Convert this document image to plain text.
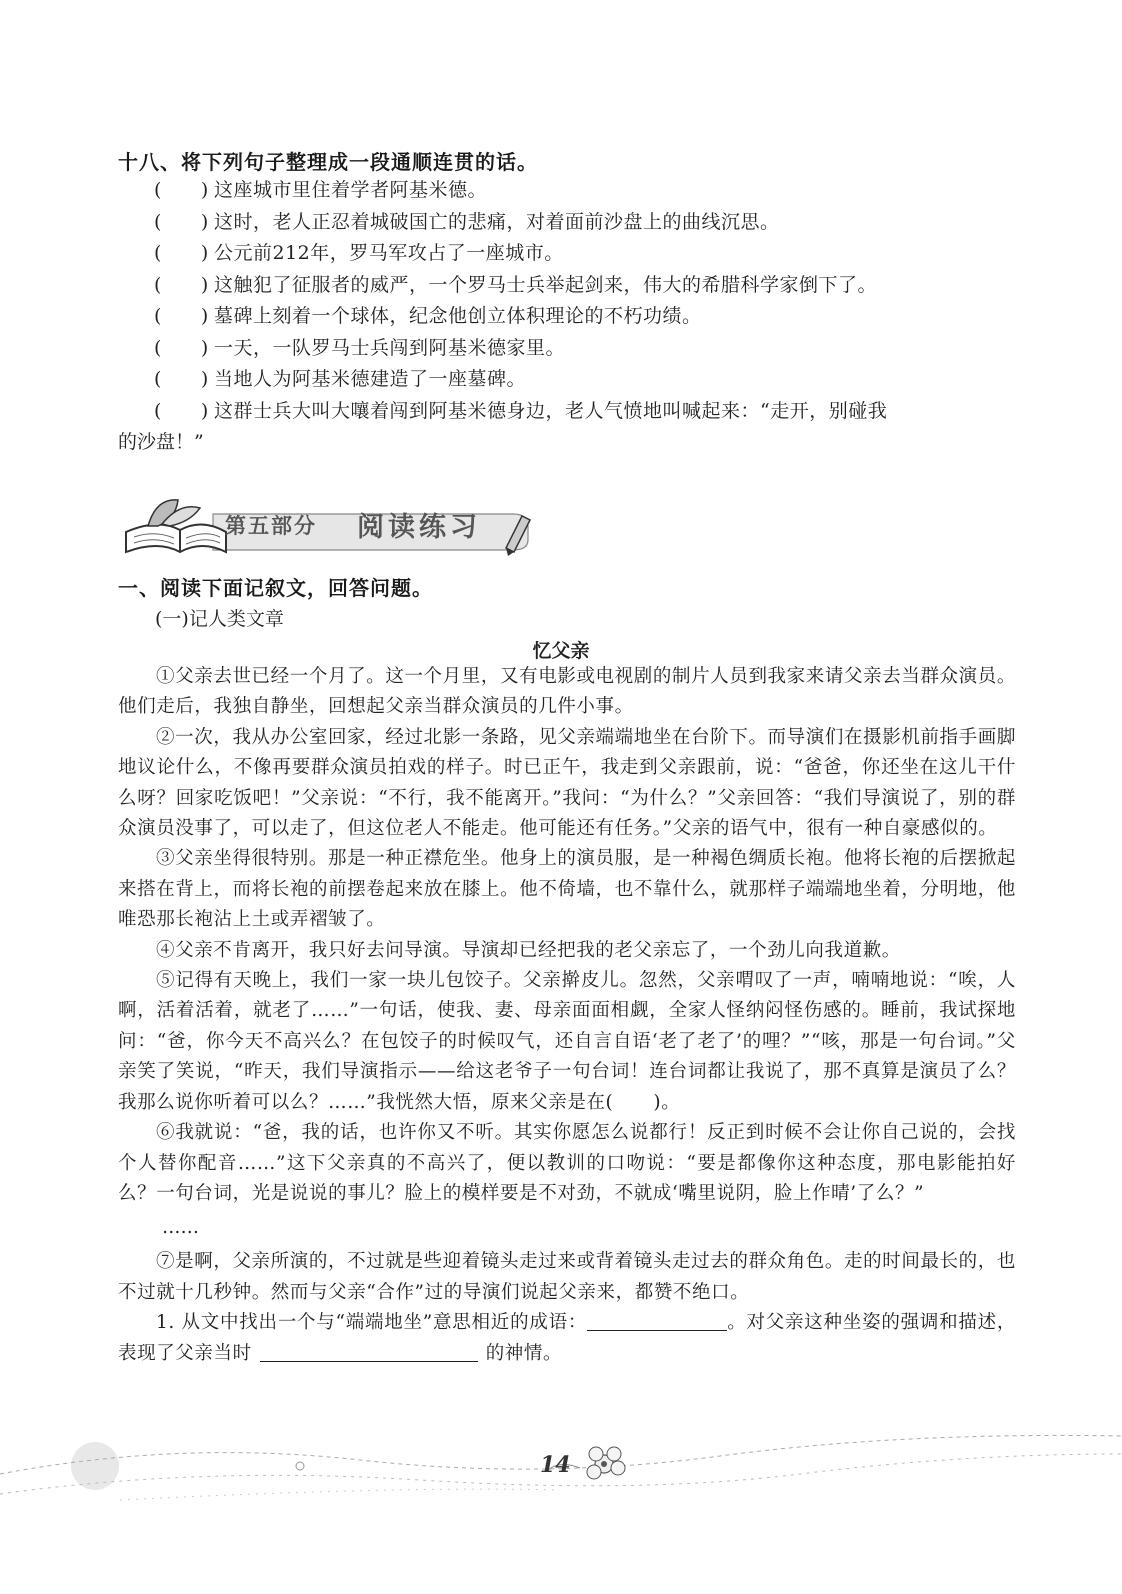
十八、将下列句子整理成一段通顺连贯的话。
(　　) 这座城市里住着学者阿基米德。
(　　) 这时，老人正忍着城破国亡的悲痛，对着面前沙盘上的曲线沉思。
(　　) 公元前212年，罗马军攻占了一座城市。
(　　) 这触犯了征服者的威严，一个罗马士兵举起剑来，伟大的希腊科学家倒下了。
(　　) 墓碑上刻着一个球体，纪念他创立体积理论的不朽功绩。
(　　) 一天，一队罗马士兵闯到阿基米德家里。
(　　) 当地人为阿基米德建造了一座墓碑。
(　　) 这群士兵大叫大嚷着闯到阿基米德身边，老人气愤地叫喊起来：“走开，别碰我
的沙盘！”
第五部分 阅读练习
一、阅读下面记叙文，回答问题。
(一)记人类文章
忆父亲

①父亲去世已经一个月了。这一个月里，又有电影或电视剧的制片人员到我家来请父亲去当群众演员。他们走后，我独自静坐，回想起父亲当群众演员的几件小事。

②一次，我从办公室回家，经过北影一条路，见父亲端端地坐在台阶下。而导演们在摄影机前指手画脚地议论什么，不像再要群众演员拍戏的样子。时已正午，我走到父亲跟前，说：“爸爸，你还坐在这儿干什么呀？回家吃饭吧！”父亲说：“不行，我不能离开。”我问：“为什么？”父亲回答：“我们导演说了，别的群众演员没事了，可以走了，但这位老人不能走。他可能还有任务。”父亲的语气中，很有一种自豪感似的。

③父亲坐得很特别。那是一种正襟危坐。他身上的演员服，是一种褐色绸质长袍。他将长袍的后摆掀起来搭在背上，而将长袍的前摆卷起来放在膝上。他不倚墙，也不靠什么，就那样子端端地坐着，分明地，他唯恐那长袍沾上土或弄褶皱了。

④父亲不肯离开，我只好去问导演。导演却已经把我的老父亲忘了，一个劲儿向我道歉。

⑤记得有天晚上，我们一家一块儿包饺子。父亲擀皮儿。忽然，父亲喟叹了一声，喃喃地说：“唉，人啊，活着活着，就老了……”一句话，使我、妻、母亲面面相觑，全家人怪纳闷怪伤感的。睡前，我试探地问：“爸，你今天不高兴么？在包饺子的时候叹气，还自言自语‘老了老了’的哩？”“咳，那是一句台词。”父亲笑了笑说，“昨天，我们导演指示——给这老爷子一句台词！连台词都让我说了，那不真算是演员了么？我那么说你听着可以么？……”我恍然大悟，原来父亲是在( )。

⑥我就说：“爸，我的话，也许你又不听。其实你愿怎么说都行！反正到时候不会让你自己说的，会找个人替你配音……”这下父亲真的不高兴了，便以教训的口吻说：“要是都像你这种态度，那电影能拍好么？一句台词，光是说说的事儿？脸上的模样要是不对劲，不就成‘嘴里说阴，脸上作晴’了么？”

……

⑦是啊，父亲所演的，不过就是些迎着镜头走过来或背着镜头走过去的群众角色。走的时间最长的，也不过就十几秒钟。然而与父亲“合作”过的导演们说起父亲来，都赞不绝口。

1. 从文中找出一个与“端端地坐”意思相近的成语：	。对父亲这种坐姿的强调和描述，表现了父亲当时	的神情。

14
